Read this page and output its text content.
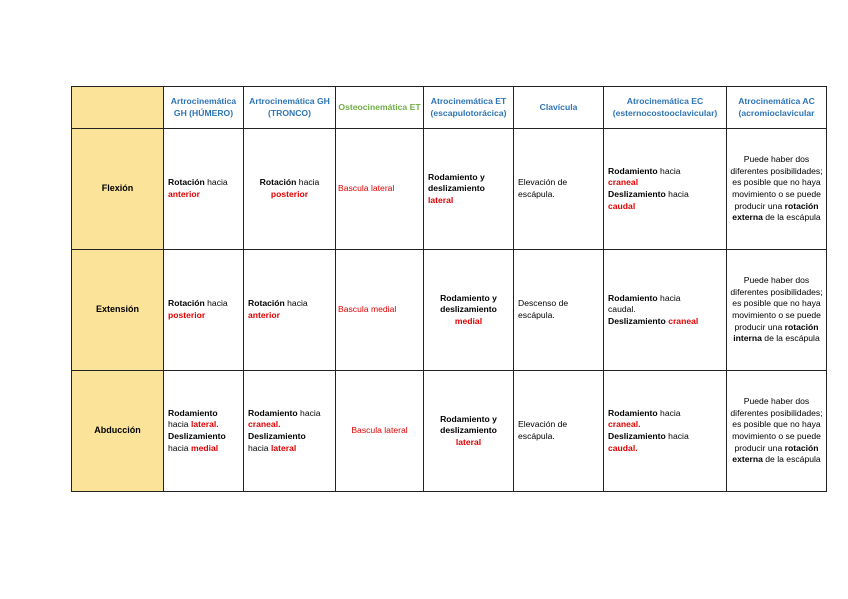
	Artrocinemática GH (HÚMERO)	Artrocinemática GH (TRONCO)	Osteocinemática ET	Atrocinemática ET (escapulotorácica)	Clavícula	Atrocinemática EC (esternocostooclavicular)	Atrocinemática AC (acromioclavicular
Flexión	Rotación hacia
anterior	Rotación hacia
posterior	Bascula lateral	Rodamiento y deslizamiento
lateral	Elevación de escápula.	Rodamiento hacia
craneal
Deslizamiento hacia
caudal	Puede haber dos diferentes posibilidades; es posible que no haya movimiento o se puede producir una rotación externa de la escápula
Extensión	Rotación hacia
posterior	Rotación hacia
anterior	Bascula medial	Rodamiento y deslizamiento
medial	Descenso de escápula.	Rodamiento hacia
caudal.
Deslizamiento craneal	Puede haber dos diferentes posibilidades; es posible que no haya movimiento o se puede producir una rotación interna de la escápula
Abducción	Rodamiento
hacia lateral.
Deslizamiento
hacia medial	Rodamiento hacia
craneal.
Deslizamiento
hacia lateral	Bascula lateral	Rodamiento y deslizamiento
lateral	Elevación de escápula.	Rodamiento hacia
craneal.
Deslizamiento hacia
caudal.	Puede haber dos diferentes posibilidades; es posible que no haya movimiento o se puede producir una rotación externa de la escápula
